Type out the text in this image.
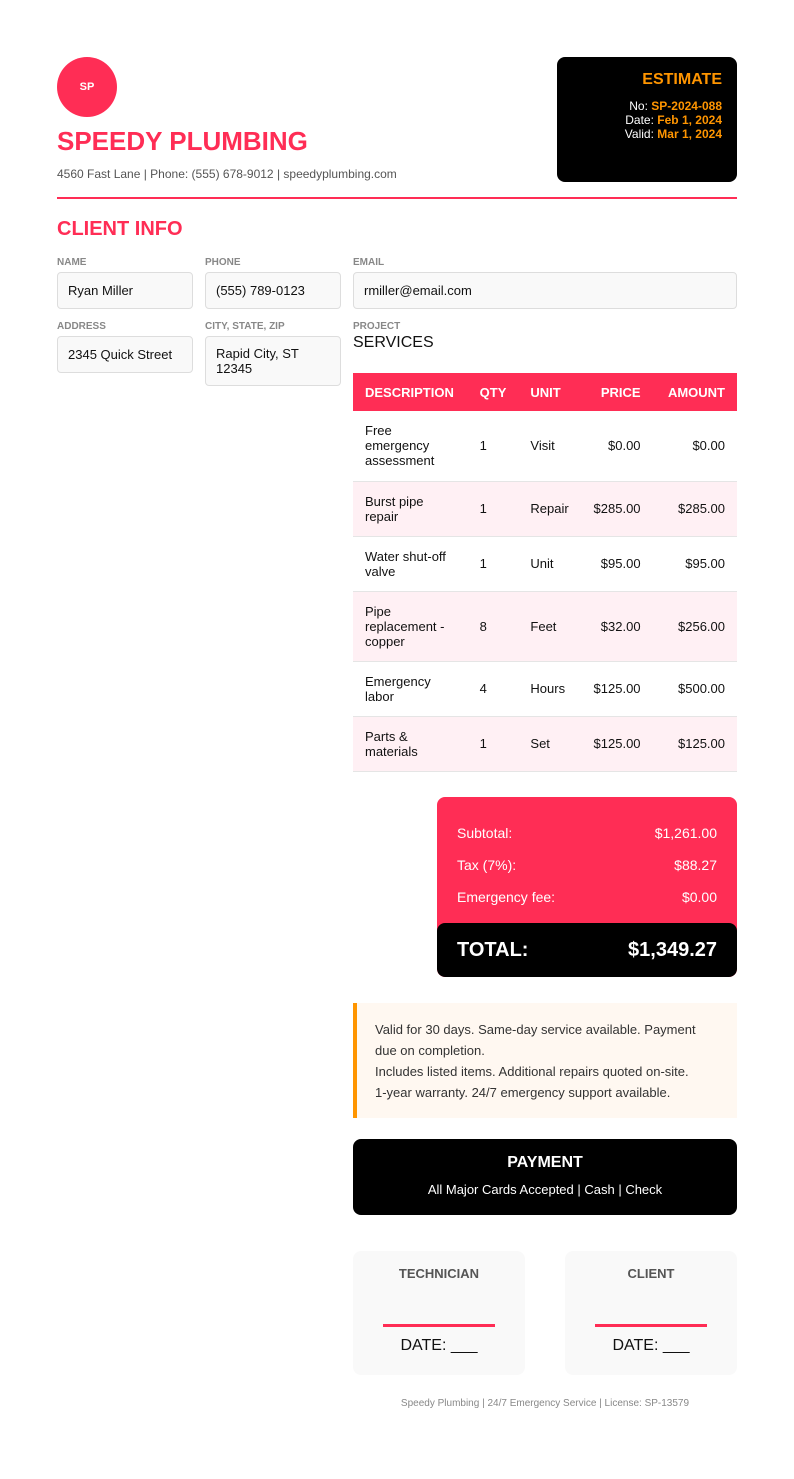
SP
SPEEDY PLUMBING
4560 Fast Lane | Phone: (555) 678-9012 | speedyplumbing.com
ESTIMATE
No: SP-2024-088
Date: Feb 1, 2024
Valid: Mar 1, 2024
CLIENT INFO
NAME
Ryan Miller
PHONE
(555) 789-0123
EMAIL
rmiller@email.com
ADDRESS
2345 Quick Street
CITY, STATE, ZIP
Rapid City, ST 12345
PROJECT
SERVICES
DESCRIPTION	QTY	UNIT	PRICE	AMOUNT
Free emergency assessment	1	Visit	$0.00	$0.00
Burst pipe repair	1	Repair	$285.00	$285.00
Water shut-off valve	1	Unit	$95.00	$95.00
Pipe replacement - copper	8	Feet	$32.00	$256.00
Emergency labor	4	Hours	$125.00	$500.00
Parts & materials	1	Set	$125.00	$125.00
Subtotal:	$1,261.00
Tax (7%):	$88.27
Emergency fee:	$0.00
TOTAL:	$1,349.27
Valid for 30 days. Same-day service available. Payment due on completion.
Includes listed items. Additional repairs quoted on-site.
1-year warranty. 24/7 emergency support available.
PAYMENT
All Major Cards Accepted | Cash | Check
TECHNICIAN
DATE: ___
CLIENT
DATE: ___
Speedy Plumbing | 24/7 Emergency Service | License: SP-13579
